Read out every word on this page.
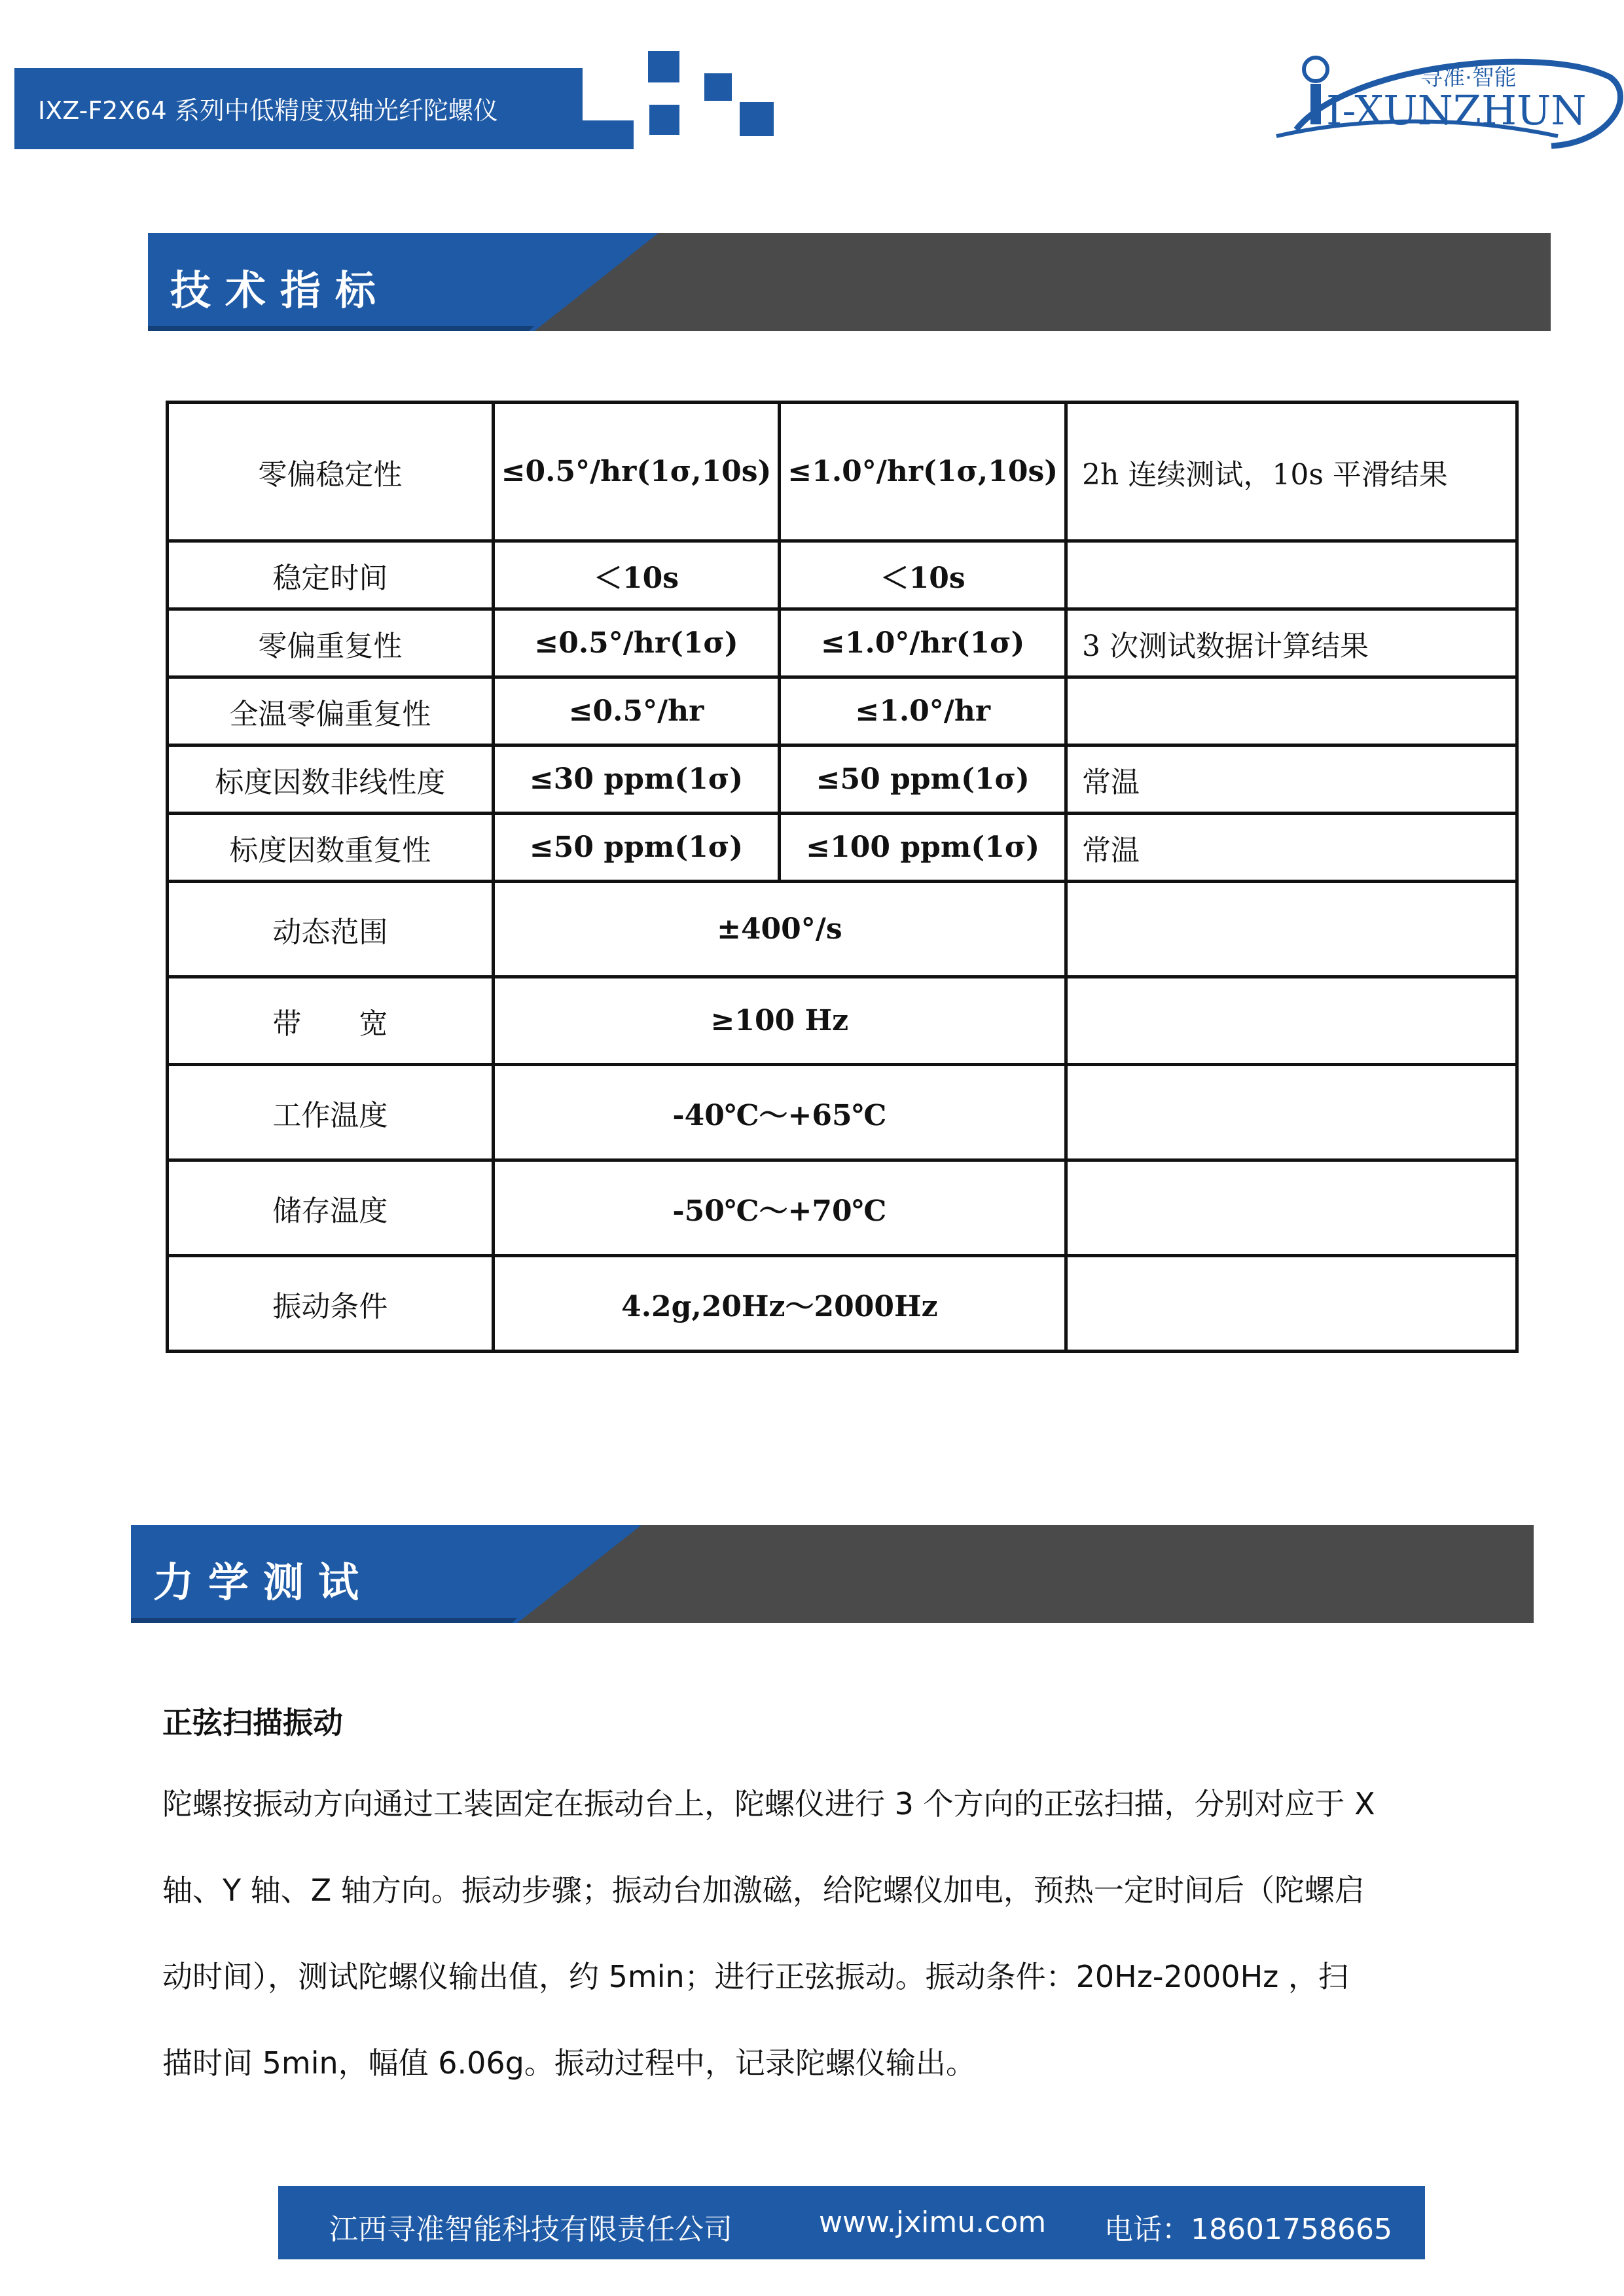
IXZ-F2X64 系列中低精度双轴光纤陀螺仪
寻准·智能
I-XUNZHUN
技术指标
零偏稳定性	≤0.5°/hr(1σ,10s)	≤1.0°/hr(1σ,10s)	2h 连续测试，10s 平滑结果
稳定时间	＜10s	＜10s	
零偏重复性	≤0.5°/hr(1σ)	≤1.0°/hr(1σ)	3 次测试数据计算结果
全温零偏重复性	≤0.5°/hr	≤1.0°/hr	
标度因数非线性度	≤30 ppm(1σ)	≤50 ppm(1σ)	常温
标度因数重复性	≤50 ppm(1σ)	≤100 ppm(1σ)	常温
动态范围	±400°/s		
带　　宽	≥100 Hz		
工作温度	-40℃～+65℃		
储存温度	-50℃～+70℃		
振动条件	4.2g,20Hz～2000Hz		
力学测试
正弦扫描振动
陀螺按振动方向通过工装固定在振动台上，陀螺仪进行 3 个方向的正弦扫描，分别对应于 X
轴、Y 轴、Z 轴方向。振动步骤；振动台加激磁，给陀螺仪加电，预热一定时间后（陀螺启
动时间），测试陀螺仪输出值，约 5min；进行正弦振动。振动条件：20Hz-2000Hz ，扫
描时间 5min，幅值 6.06g。振动过程中，记录陀螺仪输出。
江西寻准智能科技有限责任公司	www.jximu.com 电话：18601758665
